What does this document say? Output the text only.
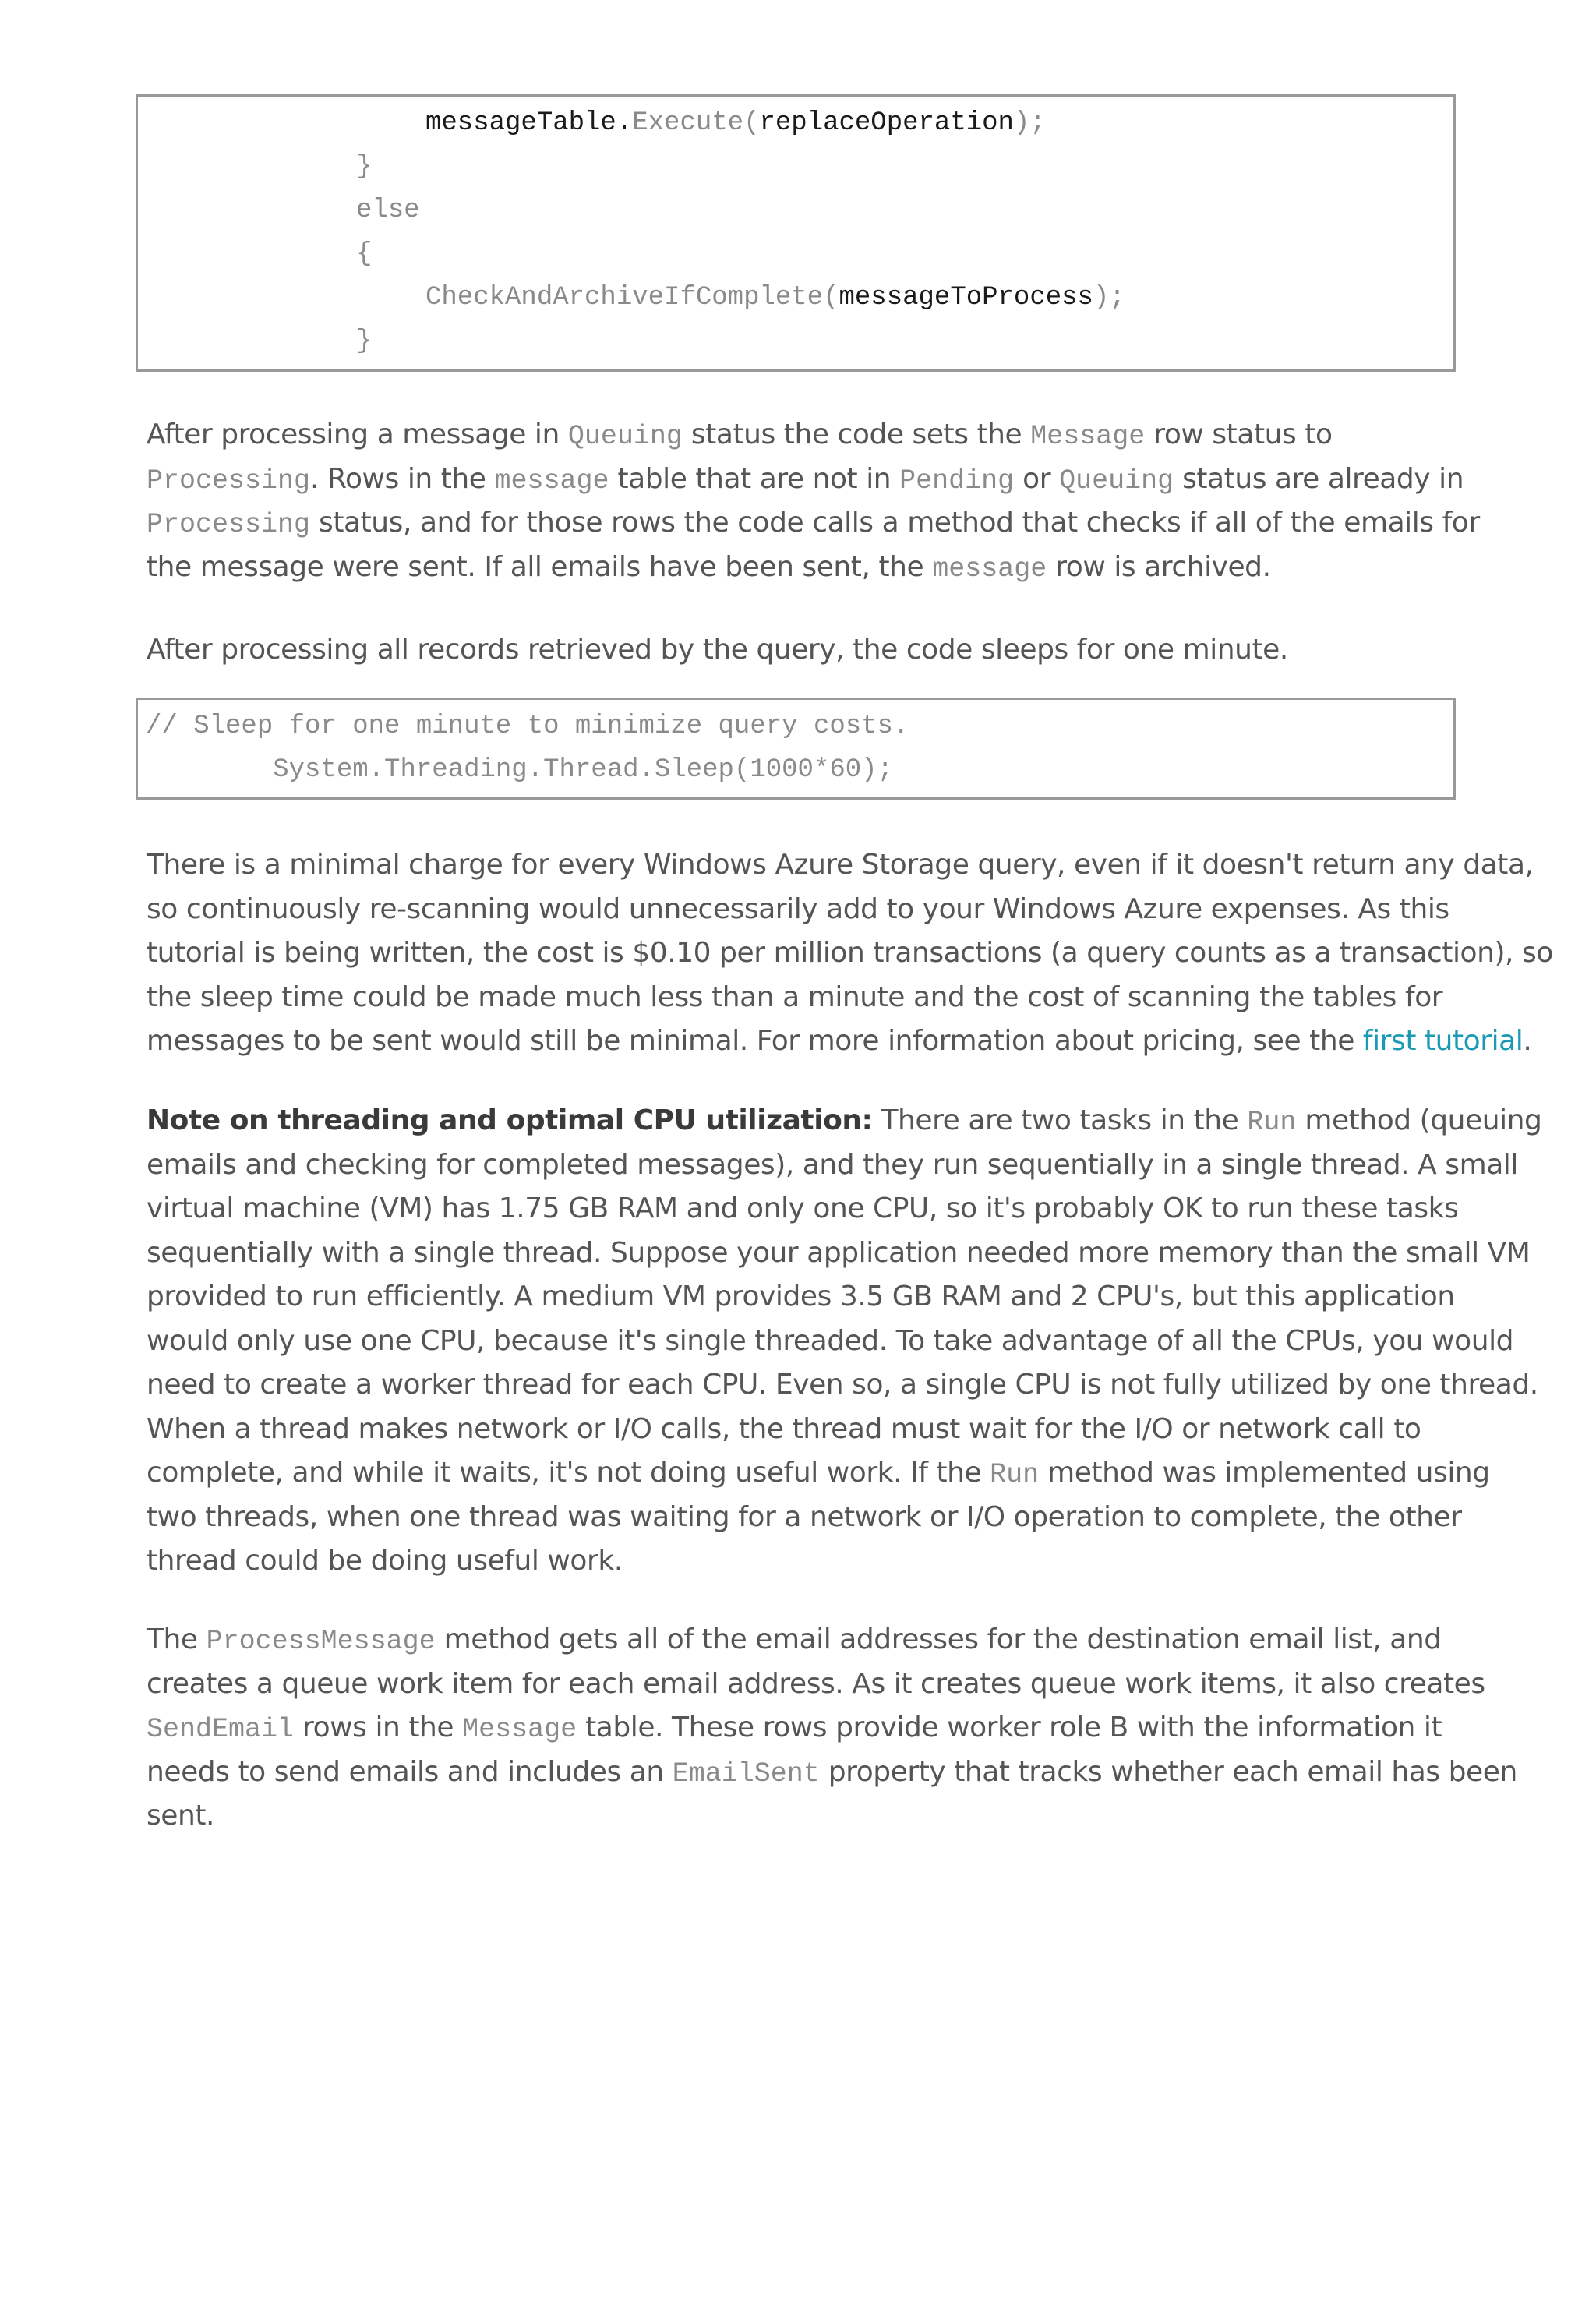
messageTable.Execute(replaceOperation);
}
else
{
CheckAndArchiveIfComplete(messageToProcess);
}
After processing a message in Queuing status the code sets the Message row status to
Processing. Rows in the message table that are not in Pending or Queuing status are already in
Processing status, and for those rows the code calls a method that checks if all of the emails for
the message were sent. If all emails have been sent, the message row is archived.
After processing all records retrieved by the query, the code sleeps for one minute.
// Sleep for one minute to minimize query costs.
System.Threading.Thread.Sleep(1000*60);
There is a minimal charge for every Windows Azure Storage query, even if it doesn't return any data,
so continuously re-scanning would unnecessarily add to your Windows Azure expenses. As this
tutorial is being written, the cost is $0.10 per million transactions (a query counts as a transaction), so
the sleep time could be made much less than a minute and the cost of scanning the tables for
messages to be sent would still be minimal. For more information about pricing, see the first tutorial.
Note on threading and optimal CPU utilization: There are two tasks in the Run method (queuing
emails and checking for completed messages), and they run sequentially in a single thread. A small
virtual machine (VM) has 1.75 GB RAM and only one CPU, so it's probably OK to run these tasks
sequentially with a single thread. Suppose your application needed more memory than the small VM
provided to run efficiently. A medium VM provides 3.5 GB RAM and 2 CPU's, but this application
would only use one CPU, because it's single threaded. To take advantage of all the CPUs, you would
need to create a worker thread for each CPU. Even so, a single CPU is not fully utilized by one thread.
When a thread makes network or I/O calls, the thread must wait for the I/O or network call to
complete, and while it waits, it's not doing useful work. If the Run method was implemented using
two threads, when one thread was waiting for a network or I/O operation to complete, the other
thread could be doing useful work.
The ProcessMessage method gets all of the email addresses for the destination email list, and
creates a queue work item for each email address. As it creates queue work items, it also creates
SendEmail rows in the Message table. These rows provide worker role B with the information it
needs to send emails and includes an EmailSent property that tracks whether each email has been
sent.
